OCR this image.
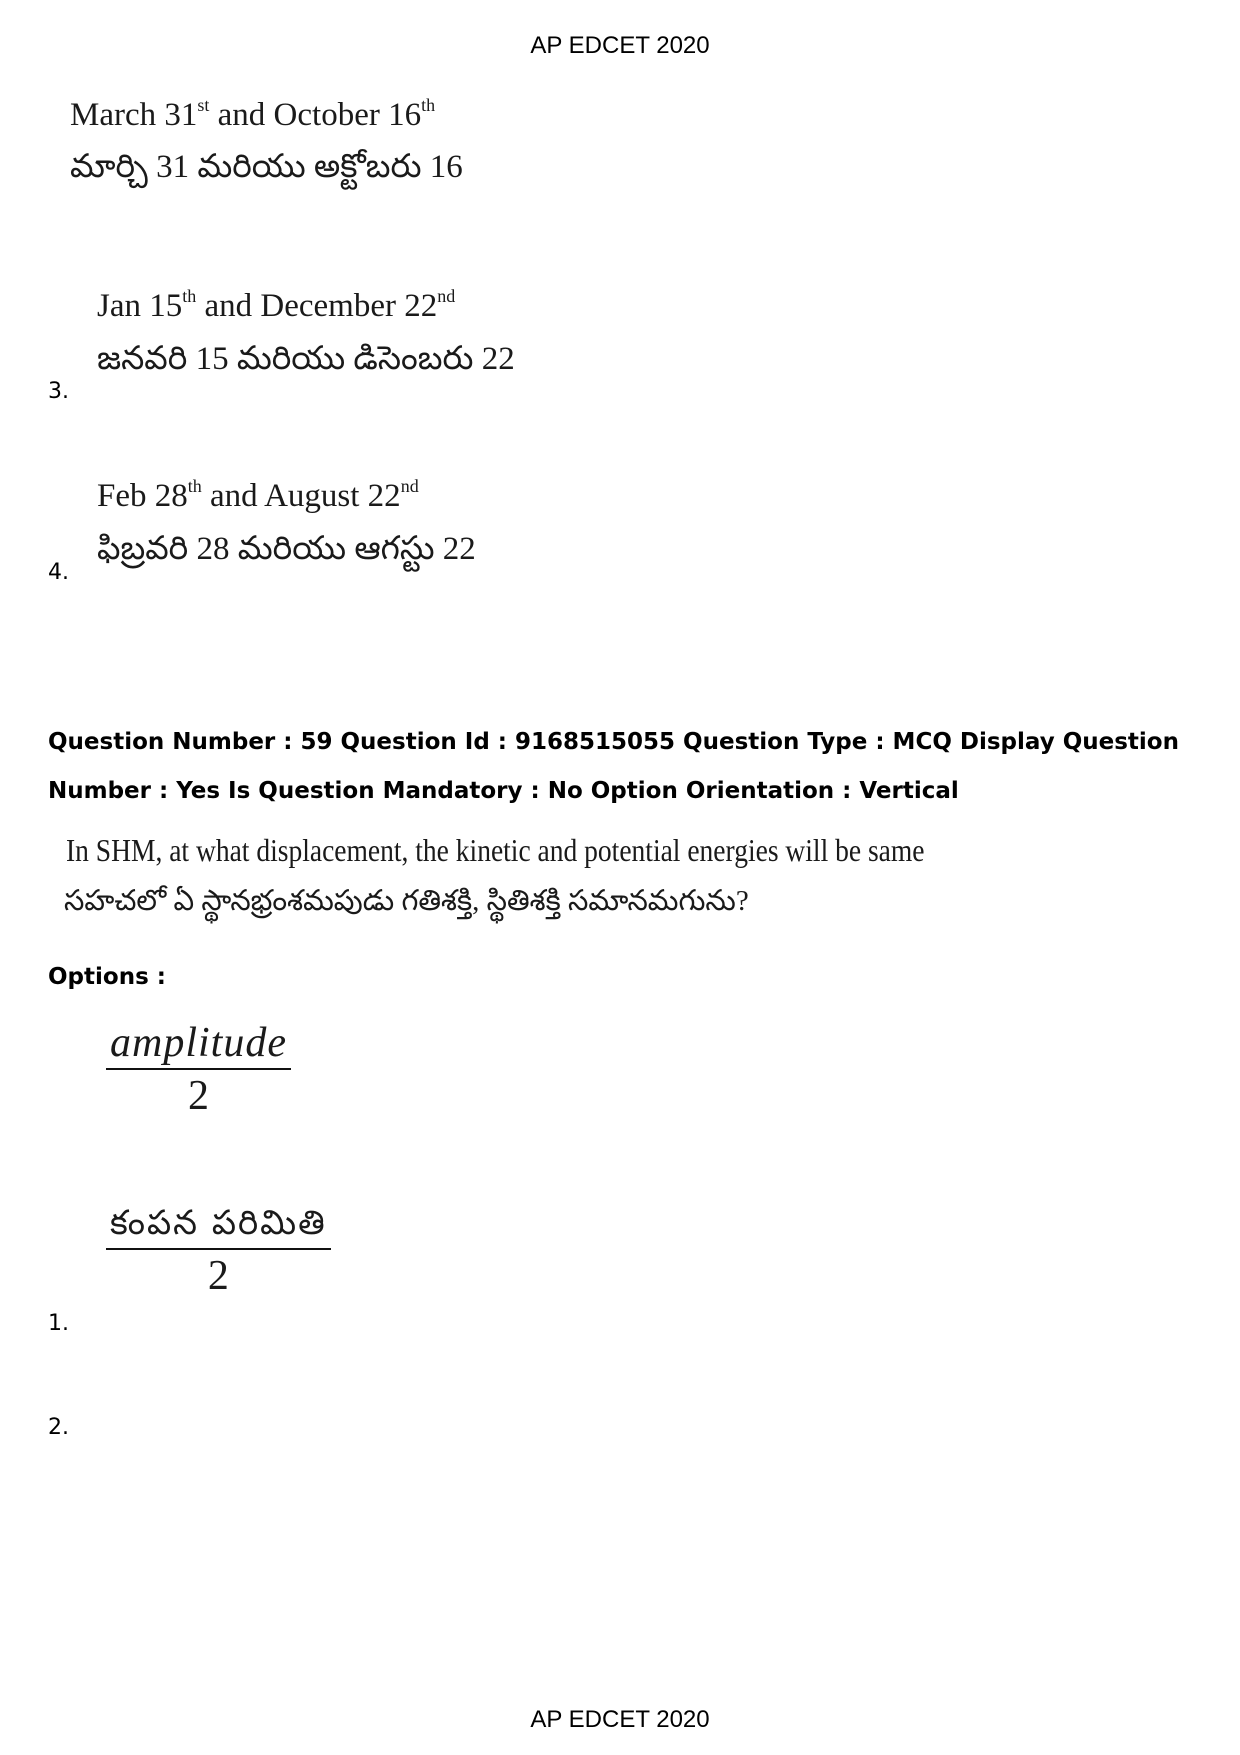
AP EDCET 2020
March 31st and October 16th
మార్చి 31 మరియు అక్టోబరు 16
Jan 15th and December 22nd
జనవరి 15 మరియు డిసెంబరు 22
3.
Feb 28th and August 22nd
ఫిబ్రవరి 28 మరియు ఆగస్టు 22
4.
Question Number : 59 Question Id : 9168515055 Question Type : MCQ Display Question
Number : Yes Is Question Mandatory : No Option Orientation : Vertical
In SHM, at what displacement, the kinetic and potential energies will be same
సహచలో ఏ స్థానభ్రంశమపుడు గతిశక్తి, స్థితిశక్తి సమానమగును?
Options :
amplitude
2
కంపన పరిమితి
2
1.
2.
AP EDCET 2020
